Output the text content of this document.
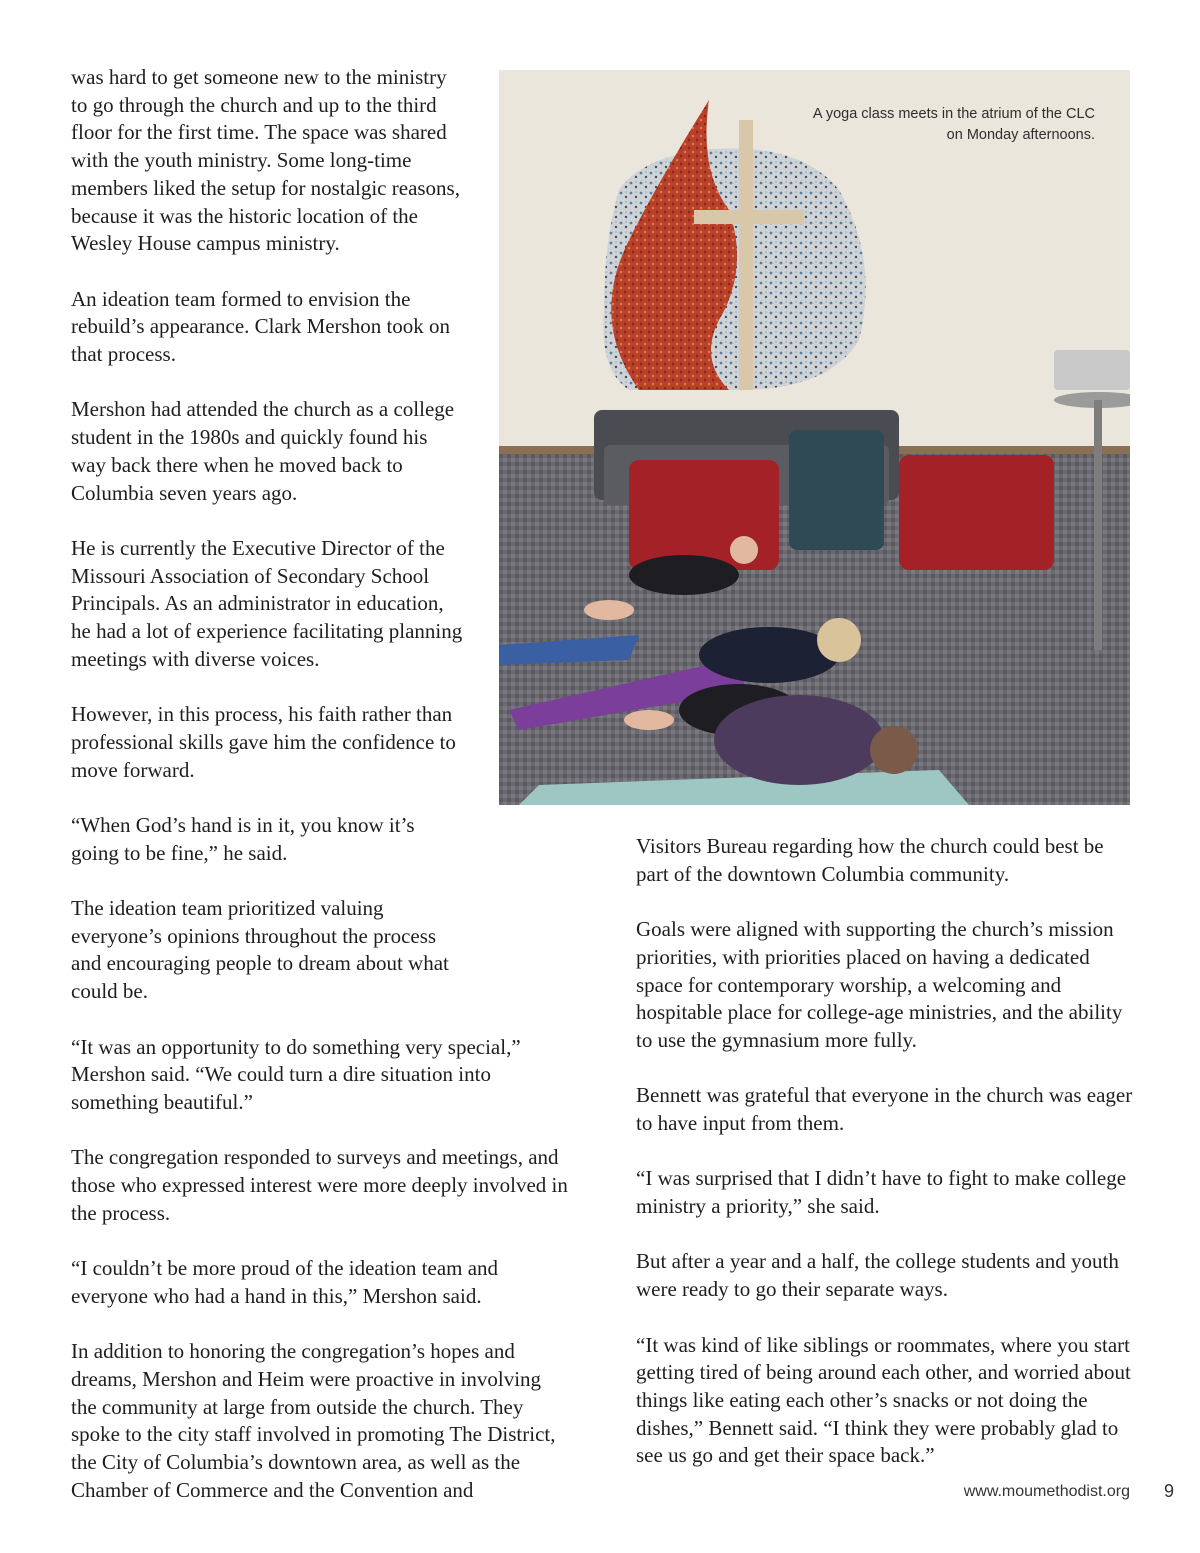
was hard to get someone new to the ministry to go through the church and up to the third floor for the first time. The space was shared with the youth ministry. Some long-time members liked the setup for nostalgic reasons, because it was the historic location of the Wesley House campus ministry.

An ideation team formed to envision the rebuild’s appearance. Clark Mershon took on that process.

Mershon had attended the church as a college student in the 1980s and quickly found his way back there when he moved back to Columbia seven years ago.

He is currently the Executive Director of the Missouri Association of Secondary School Principals. As an administrator in education, he had a lot of experience facilitating planning meetings with diverse voices.

However, in this process, his faith rather than professional skills gave him the confidence to move forward.

“When God’s hand is in it, you know it’s going to be fine,” he said.

The ideation team prioritized valuing everyone’s opinions throughout the process and encouraging people to dream about what could be.

“It was an opportunity to do something very special,” Mershon said. “We could turn a dire situation into something beautiful.”

The congregation responded to surveys and meetings, and those who expressed interest were more deeply involved in the process.

“I couldn’t be more proud of the ideation team and everyone who had a hand in this,” Mershon said.

In addition to honoring the congregation’s hopes and dreams, Mershon and Heim were proactive in involving the community at large from outside the church. They spoke to the city staff involved in promoting The District, the City of Columbia’s downtown area, as well as the Chamber of Commerce and the Convention and

A yoga class meets in the atrium of the CLC on Monday afternoons.

Visitors Bureau regarding how the church could best be part of the downtown Columbia community.

Goals were aligned with supporting the church’s mission priorities, with priorities placed on having a dedicated space for contemporary worship, a welcoming and hospitable place for college-age ministries, and the ability to use the gymnasium more fully.

Bennett was grateful that everyone in the church was eager to have input from them.

“I was surprised that I didn’t have to fight to make college ministry a priority,” she said.

But after a year and a half, the college students and youth were ready to go their separate ways.

“It was kind of like siblings or roommates, where you start getting tired of being around each other, and worried about things like eating each other’s snacks or not doing the dishes,” Bennett said. “I think they were probably glad to see us go and get their space back.”

www.moumethodist.org 9
